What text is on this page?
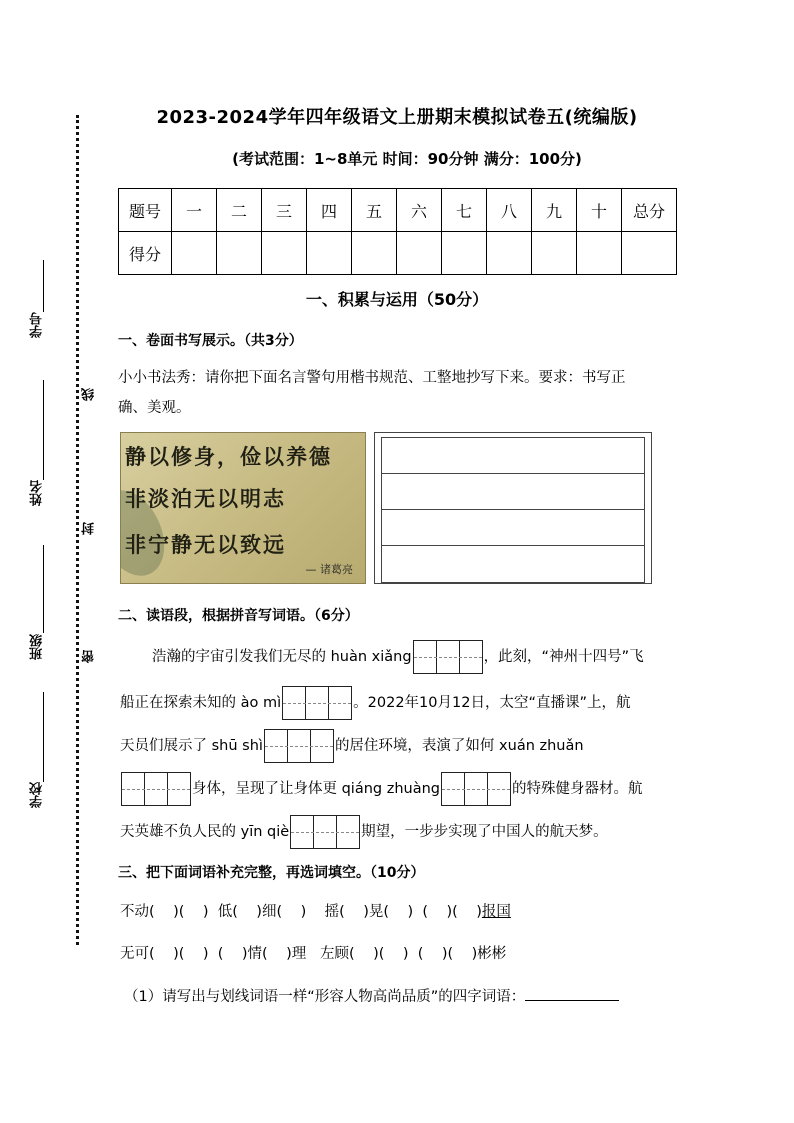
学号
姓名
班级
学校
线
封
密
2023-2024学年四年级语文上册期末模拟试卷五(统编版)
(考试范围：1~8单元 时间：90分钟 满分：100分)
题号	一	二	三	四	五	六	七	八	九	十	总分
得分											
一、积累与运用（50分）
一、卷面书写展示。（共3分）
小小书法秀：请你把下面名言警句用楷书规范、工整地抄写下来。要求：书写正
确、美观。
静以修身，俭以养德
非淡泊无以明志
非宁静无以致远
— 诸葛亮
二、读语段，根据拼音写词语。（6分）
浩瀚的宇宙引发我们无尽的 huàn xiǎng	，此刻，“神州十四号”飞
船正在探索未知的 ào mì	。2022年10月12日，太空“直播课”上，航
天员们展示了 shū shì	的居住环境，表演了如何 xuán zhuǎn
身体，呈现了让身体更 qiáng zhuàng	的特殊健身器材。航
天英雄不负人民的 yīn qiè	期望，一步步实现了中国人的航天梦。
三、把下面词语补充完整，再选词填空。（10分）
不动(    )(    )  低(    )细(    )    摇(    )晃(    )  (    )(    )报国
无可(    )(    )  (    )情(    )理   左顾(    )(    )  (    )(    )彬彬
（1）请写出与划线词语一样“形容人物高尚品质”的四字词语：
